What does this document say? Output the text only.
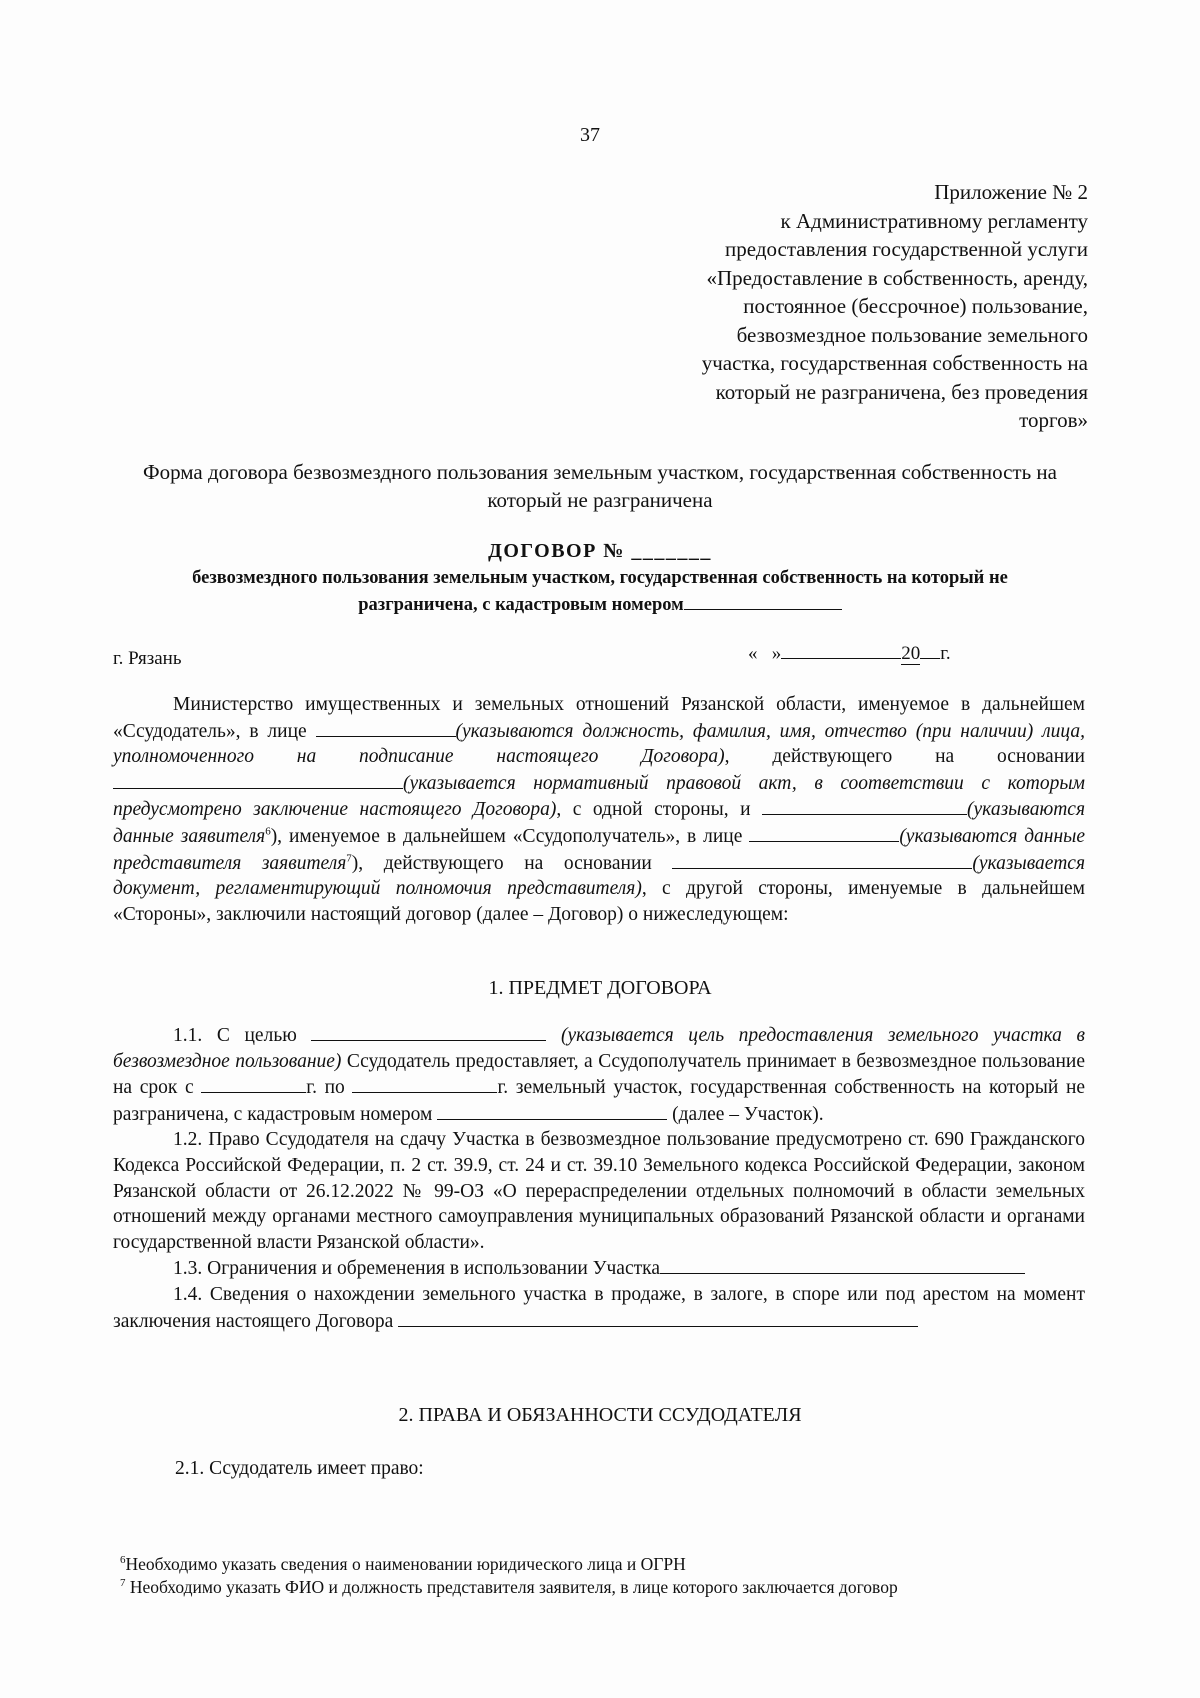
37
Приложение № 2
к Административному регламенту
предоставления государственной услуги
«Предоставление в собственность, аренду,
постоянное (бессрочное) пользование,
безвозмездное пользование земельного
участка, государственная собственность на
который не разграничена, без проведения
торгов»
Форма договора безвозмездного пользования земельным участком, государственная собственность на который не разграничена
ДОГОВОР № _______
безвозмездного пользования земельным участком, государственная собственность на который не разграничена, с кадастровым номером
г. Рязань	« »	20 г.
Министерство имущественных и земельных отношений Рязанской области, именуемое в дальнейшем «Ссудодатель», в лице	(указываются должность, фамилия, имя, отчество (при наличии) лица, уполномоченного на подписание настоящего Договора), действующего на основании (указывается нормативный правовой акт, в соответствии с которым предусмотрено заключение настоящего Договора), с одной стороны, и	(указываются данные заявителя$^6$), именуемое в дальнейшем «Ссудополучатель», в лице	(указываются данные представителя заявителя$^7$), действующего на основании	(указывается документ, регламентирующий полномочия представителя), с другой стороны, именуемые в дальнейшем «Стороны», заключили настоящий договор (далее – Договор) о нижеследующем:
1. ПРЕДМЕТ ДОГОВОРА

1.1. С целью	(указывается цель предоставления земельного участка в безвозмездное пользование) Ссудодатель предоставляет, а Ссудополучатель принимает в безвозмездное пользование на срок с	г. по	г. земельный участок, государственная собственность на который не разграничена, с кадастровым номером	(далее – Участок).

1.2. Право Ссудодателя на сдачу Участка в безвозмездное пользование предусмотрено ст. 690 Гражданского Кодекса Российской Федерации, п. 2 ст. 39.9, ст. 24 и ст. 39.10 Земельного кодекса Российской Федерации, законом Рязанской области от 26.12.2022 № 99-ОЗ «О перераспределении отдельных полномочий в области земельных отношений между органами местного самоуправления муниципальных образований Рязанской области и органами государственной власти Рязанской области».

1.3. Ограничения и обременения в использовании Участка

1.4. Сведения о нахождении земельного участка в продаже, в залоге, в споре или под арестом на момент заключения настоящего Договора

2. ПРАВА И ОБЯЗАННОСТИ ССУДОДАТЕЛЯ
2.1. Ссудодатель имеет право:
$^6$Необходимо указать сведения о наименовании юридического лица и ОГРН
$^7$ Необходимо указать ФИО и должность представителя заявителя, в лице которого заключается договор
